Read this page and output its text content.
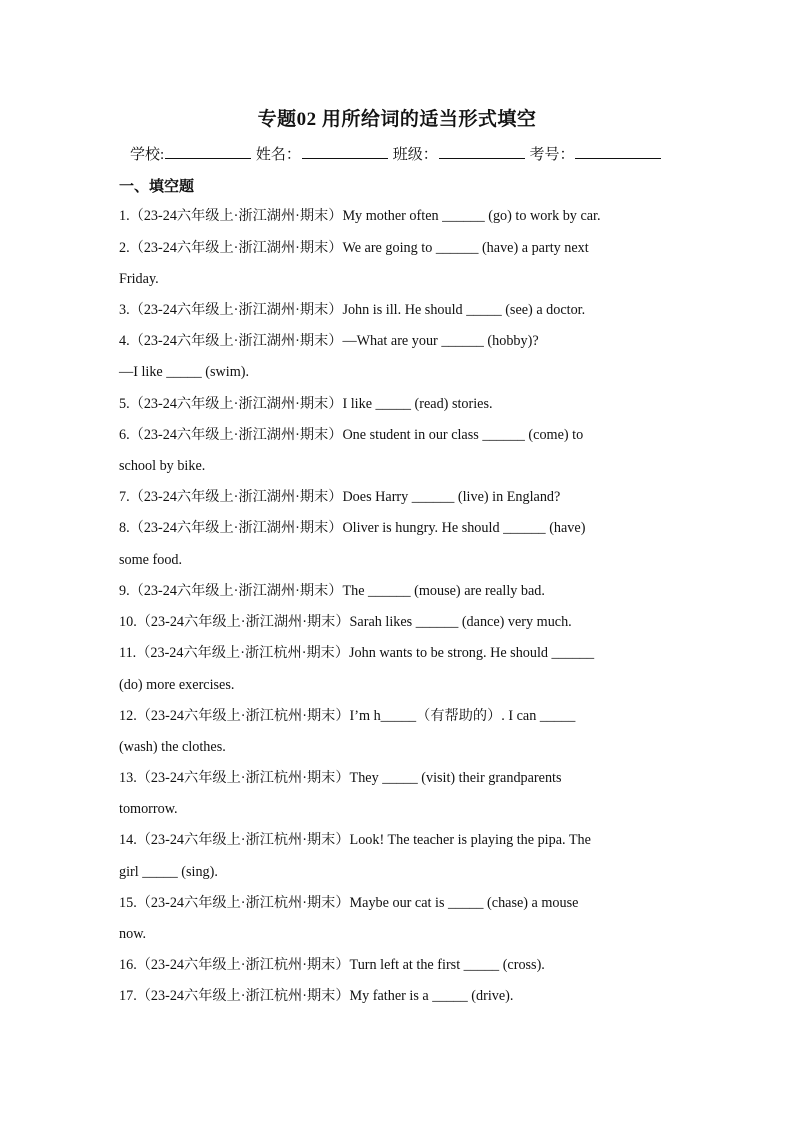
专题02 用所给词的适当形式填空
学校:	姓名：	班级：	考号：
一、填空题
1.（23-24六年级上·浙江湖州·期末）My mother often ______ (go) to work by car.
2.（23-24六年级上·浙江湖州·期末）We are going to ______ (have) a party next
Friday.
3.（23-24六年级上·浙江湖州·期末）John is ill. He should _____ (see) a doctor.
4.（23-24六年级上·浙江湖州·期末）—What are your ______ (hobby)?
—I like _____ (swim).
5.（23-24六年级上·浙江湖州·期末）I like _____ (read) stories.
6.（23-24六年级上·浙江湖州·期末）One student in our class ______ (come) to
school by bike.
7.（23-24六年级上·浙江湖州·期末）Does Harry ______ (live) in England?
8.（23-24六年级上·浙江湖州·期末）Oliver is hungry. He should ______ (have)
some food.
9.（23-24六年级上·浙江湖州·期末）The ______ (mouse) are really bad.
10.（23-24六年级上·浙江湖州·期末）Sarah likes ______ (dance) very much.
11.（23-24六年级上·浙江杭州·期末）John wants to be strong. He should ______
(do) more exercises.
12.（23-24六年级上·浙江杭州·期末）I’m h_____（有帮助的）. I can _____
(wash) the clothes.
13.（23-24六年级上·浙江杭州·期末）They _____ (visit) their grandparents
tomorrow.
14.（23-24六年级上·浙江杭州·期末）Look! The teacher is playing the pipa. The
girl _____ (sing).
15.（23-24六年级上·浙江杭州·期末）Maybe our cat is _____ (chase) a mouse
now.
16.（23-24六年级上·浙江杭州·期末）Turn left at the first _____ (cross).
17.（23-24六年级上·浙江杭州·期末）My father is a _____ (drive).
